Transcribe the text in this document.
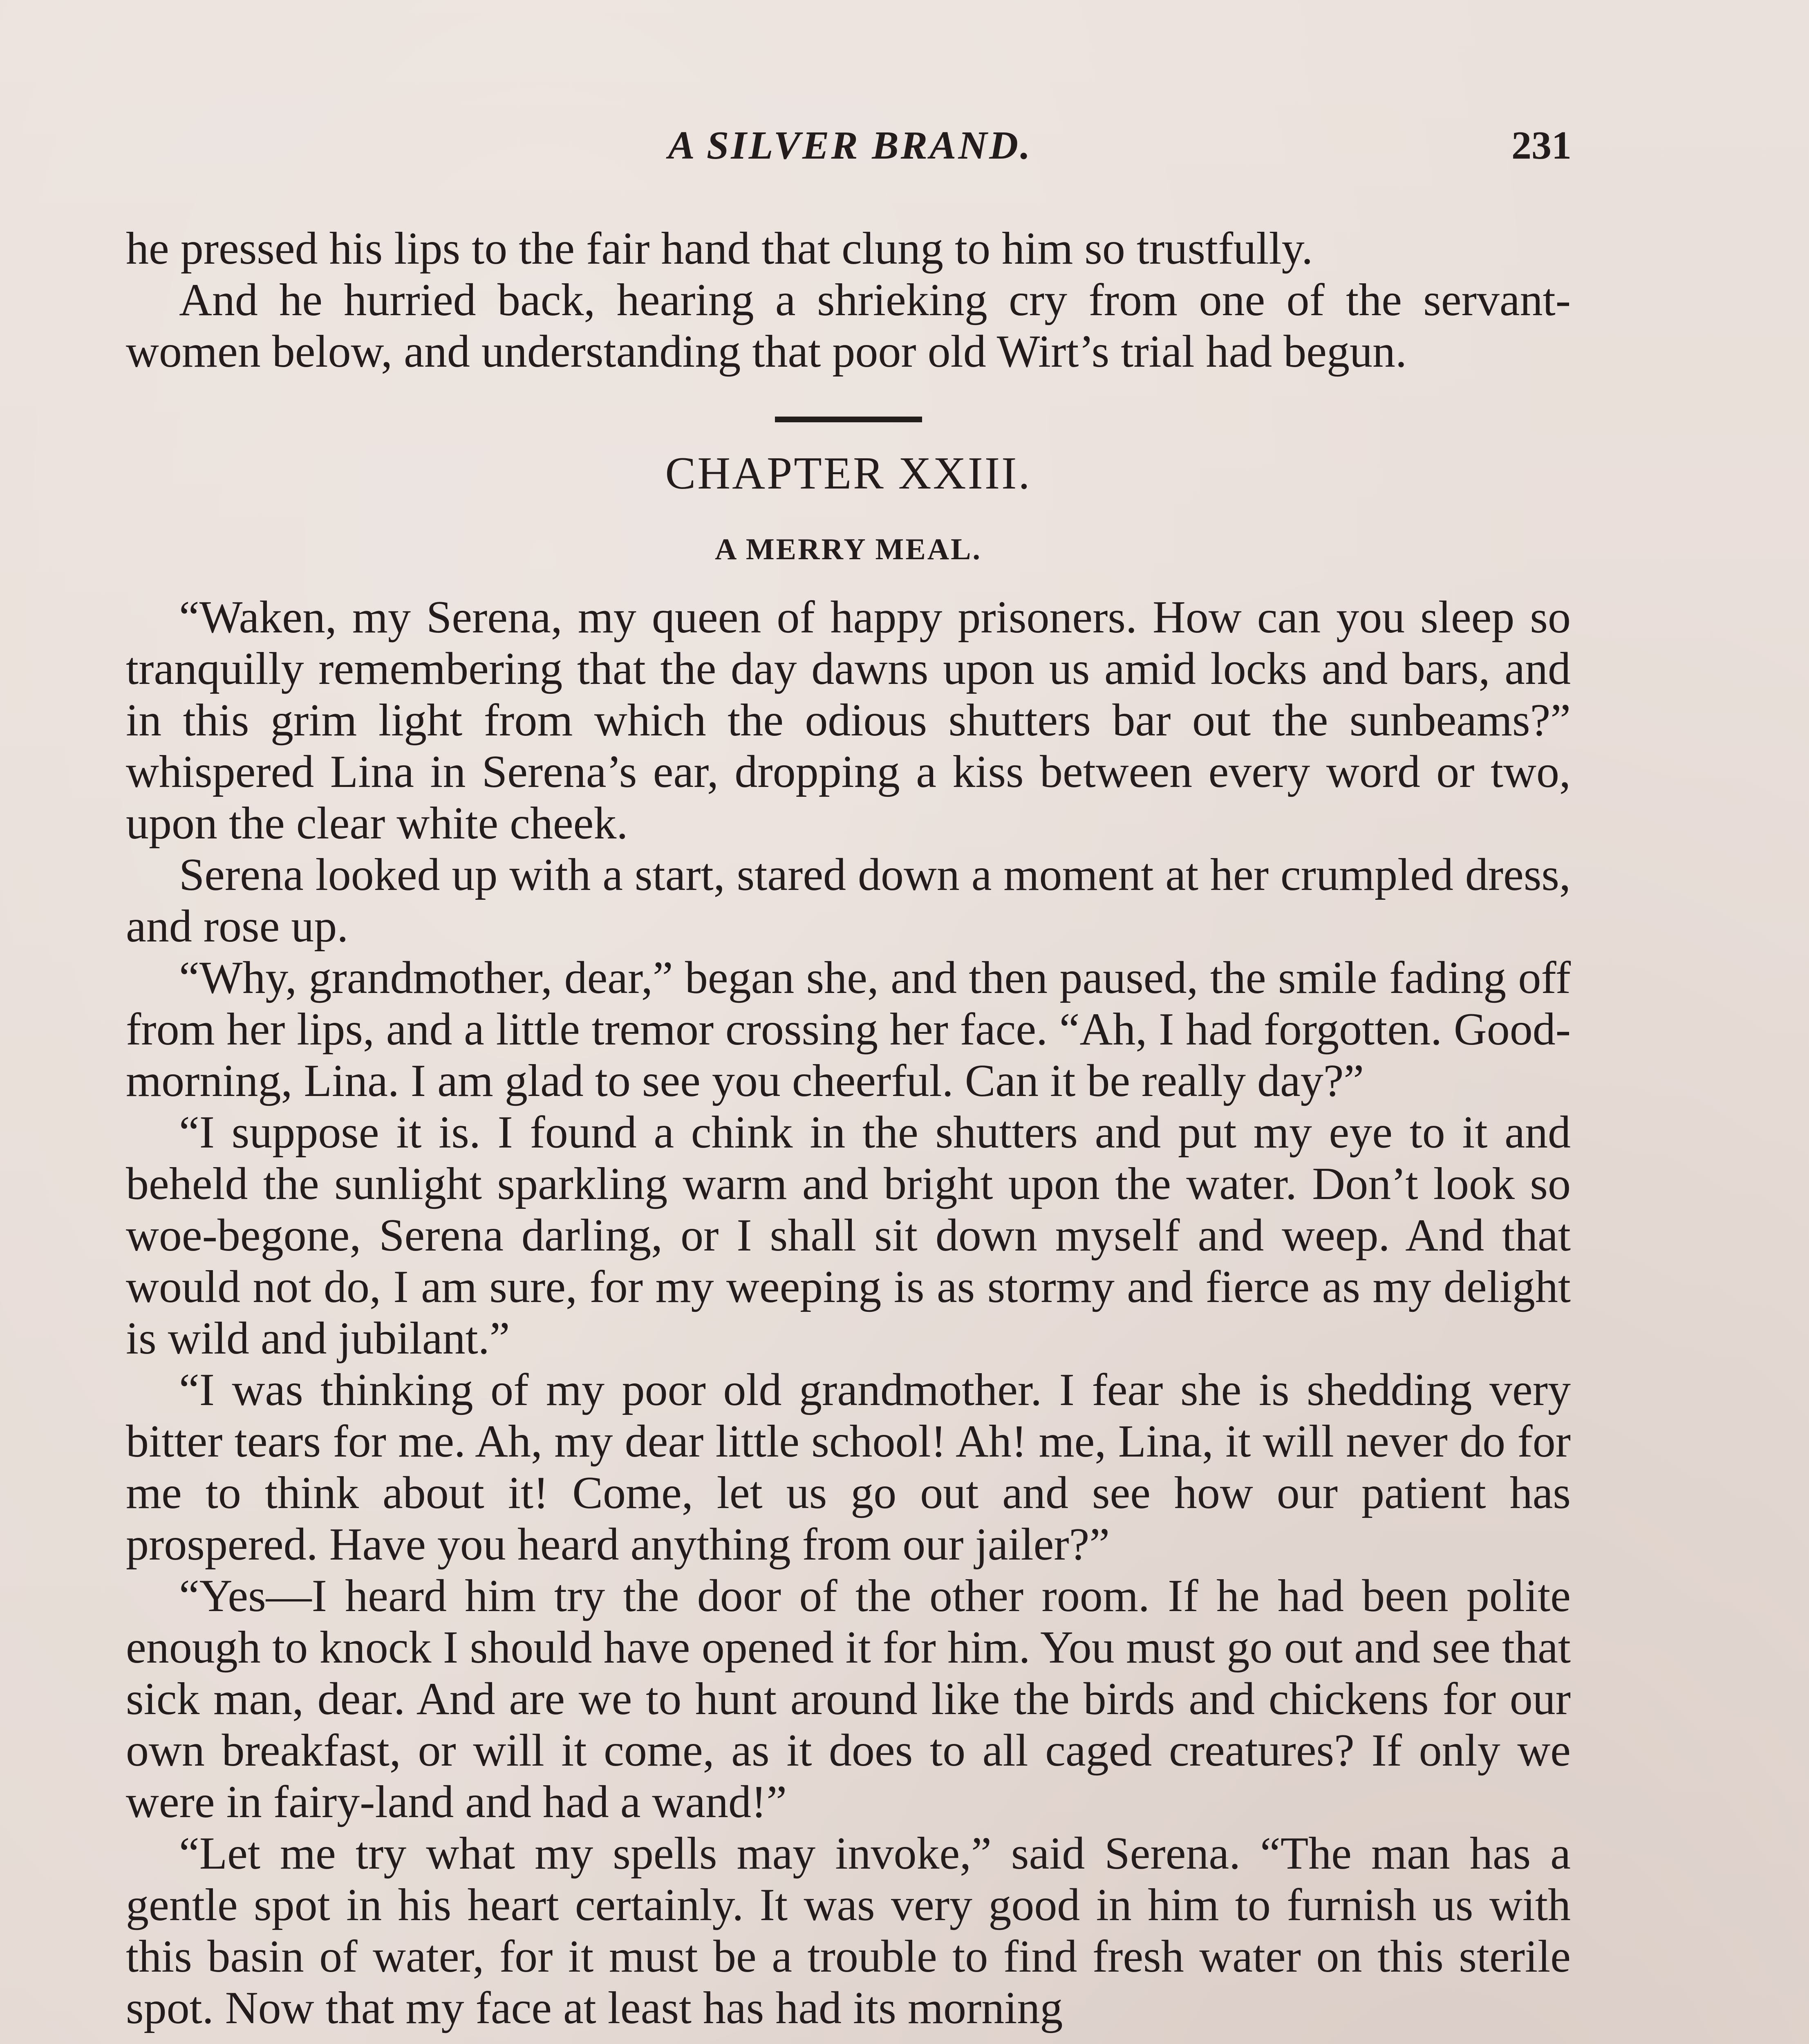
A SILVER BRAND.	231

he pressed his lips to the fair hand that clung to him so trustfully.

And he hurried back, hearing a shrieking cry from one of the servant-women below, and understanding that poor old Wirt’s trial had begun.

CHAPTER XXIII.
A MERRY MEAL.

“Waken, my Serena, my queen of happy prisoners. How can you sleep so tranquilly remembering that the day dawns upon us amid locks and bars, and in this grim light from which the odious shutters bar out the sunbeams?” whispered Lina in Serena’s ear, dropping a kiss between every word or two, upon the clear white cheek.

Serena looked up with a start, stared down a moment at her crumpled dress, and rose up.

“Why, grandmother, dear,” began she, and then paused, the smile fading off from her lips, and a little tremor crossing her face. “Ah, I had forgotten. Good-morning, Lina. I am glad to see you cheerful. Can it be really day?”

“I suppose it is. I found a chink in the shutters and put my eye to it and beheld the sunlight sparkling warm and bright upon the water. Don’t look so woe-begone, Serena darling, or I shall sit down myself and weep. And that would not do, I am sure, for my weeping is as stormy and fierce as my delight is wild and jubilant.”

“I was thinking of my poor old grandmother. I fear she is shedding very bitter tears for me. Ah, my dear little school! Ah! me, Lina, it will never do for me to think about it! Come, let us go out and see how our patient has prospered. Have you heard anything from our jailer?”

“Yes—I heard him try the door of the other room. If he had been polite enough to knock I should have opened it for him. You must go out and see that sick man, dear. And are we to hunt around like the birds and chickens for our own breakfast, or will it come, as it does to all caged creatures? If only we were in fairy-land and had a wand!”

“Let me try what my spells may invoke,” said Serena. “The man has a gentle spot in his heart certainly. It was very good in him to furnish us with this basin of water, for it must be a trouble to find fresh water on this sterile spot. Now that my face at least has had its morning
